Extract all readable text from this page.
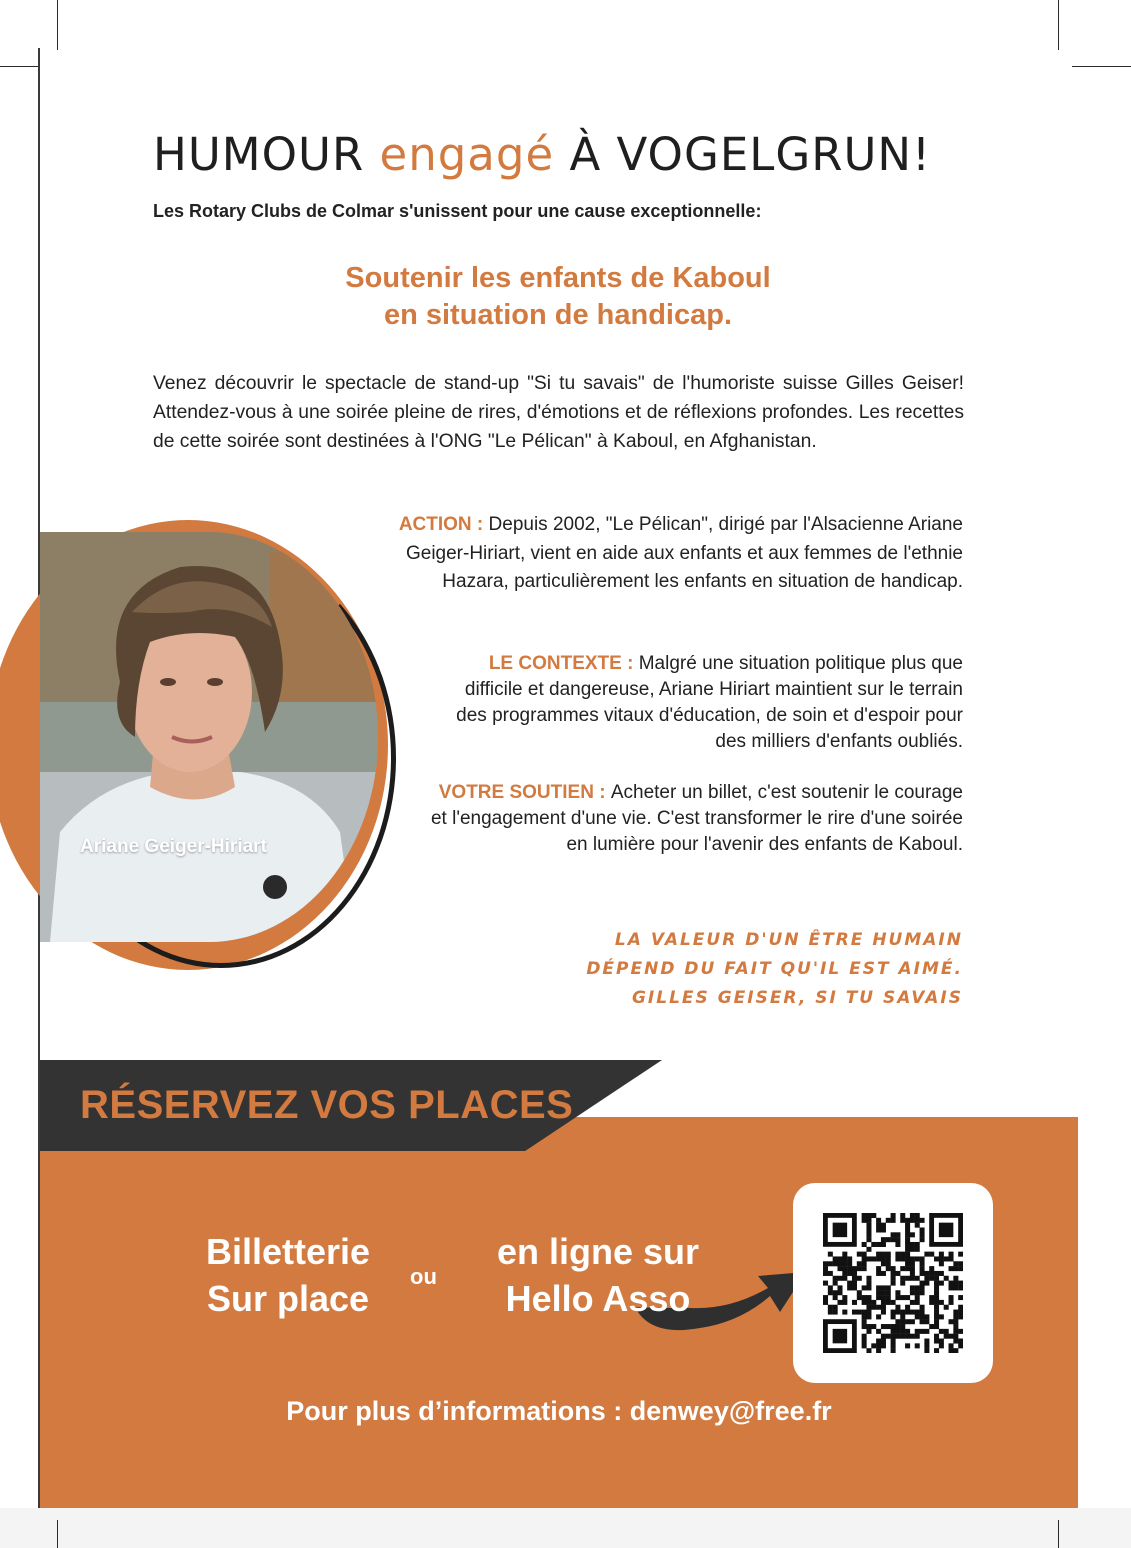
HUMOUR engagé À VOGELGRUN!
Les Rotary Clubs de Colmar s'unissent pour une cause exceptionnelle:
Soutenir les enfants de Kaboul
en situation de handicap.
Venez découvrir le spectacle de stand-up "Si tu savais" de l'humoriste suisse Gilles Geiser! Attendez-vous à une soirée pleine de rires, d'émotions et de réflexions profondes. Les recettes de cette soirée sont destinées à l'ONG "Le Pélican" à Kaboul, en Afghanistan.
Ariane Geiger-Hiriart
ACTION : Depuis 2002, "Le Pélican", dirigé par l'Alsacienne Ariane Geiger-Hiriart, vient en aide aux enfants et aux femmes de l'ethnie Hazara, particulièrement les enfants en situation de handicap.
LE CONTEXTE : Malgré une situation politique plus que difficile et dangereuse, Ariane Hiriart maintient sur le terrain des programmes vitaux d'éducation, de soin et d'espoir pour des milliers d'enfants oubliés.
VOTRE SOUTIEN : Acheter un billet, c'est soutenir le courage et l'engagement d'une vie. C'est transformer le rire d'une soirée en lumière pour l'avenir des enfants de Kaboul.
LA VALEUR D'UN ÊTRE HUMAIN
DÉPEND DU FAIT QU'IL EST AIMÉ.
GILLES GEISER, SI TU SAVAIS
RÉSERVEZ VOS PLACES
Billetterie
Sur place
ou
en ligne sur
Hello Asso
Pour plus d’informations : denwey@free.fr
